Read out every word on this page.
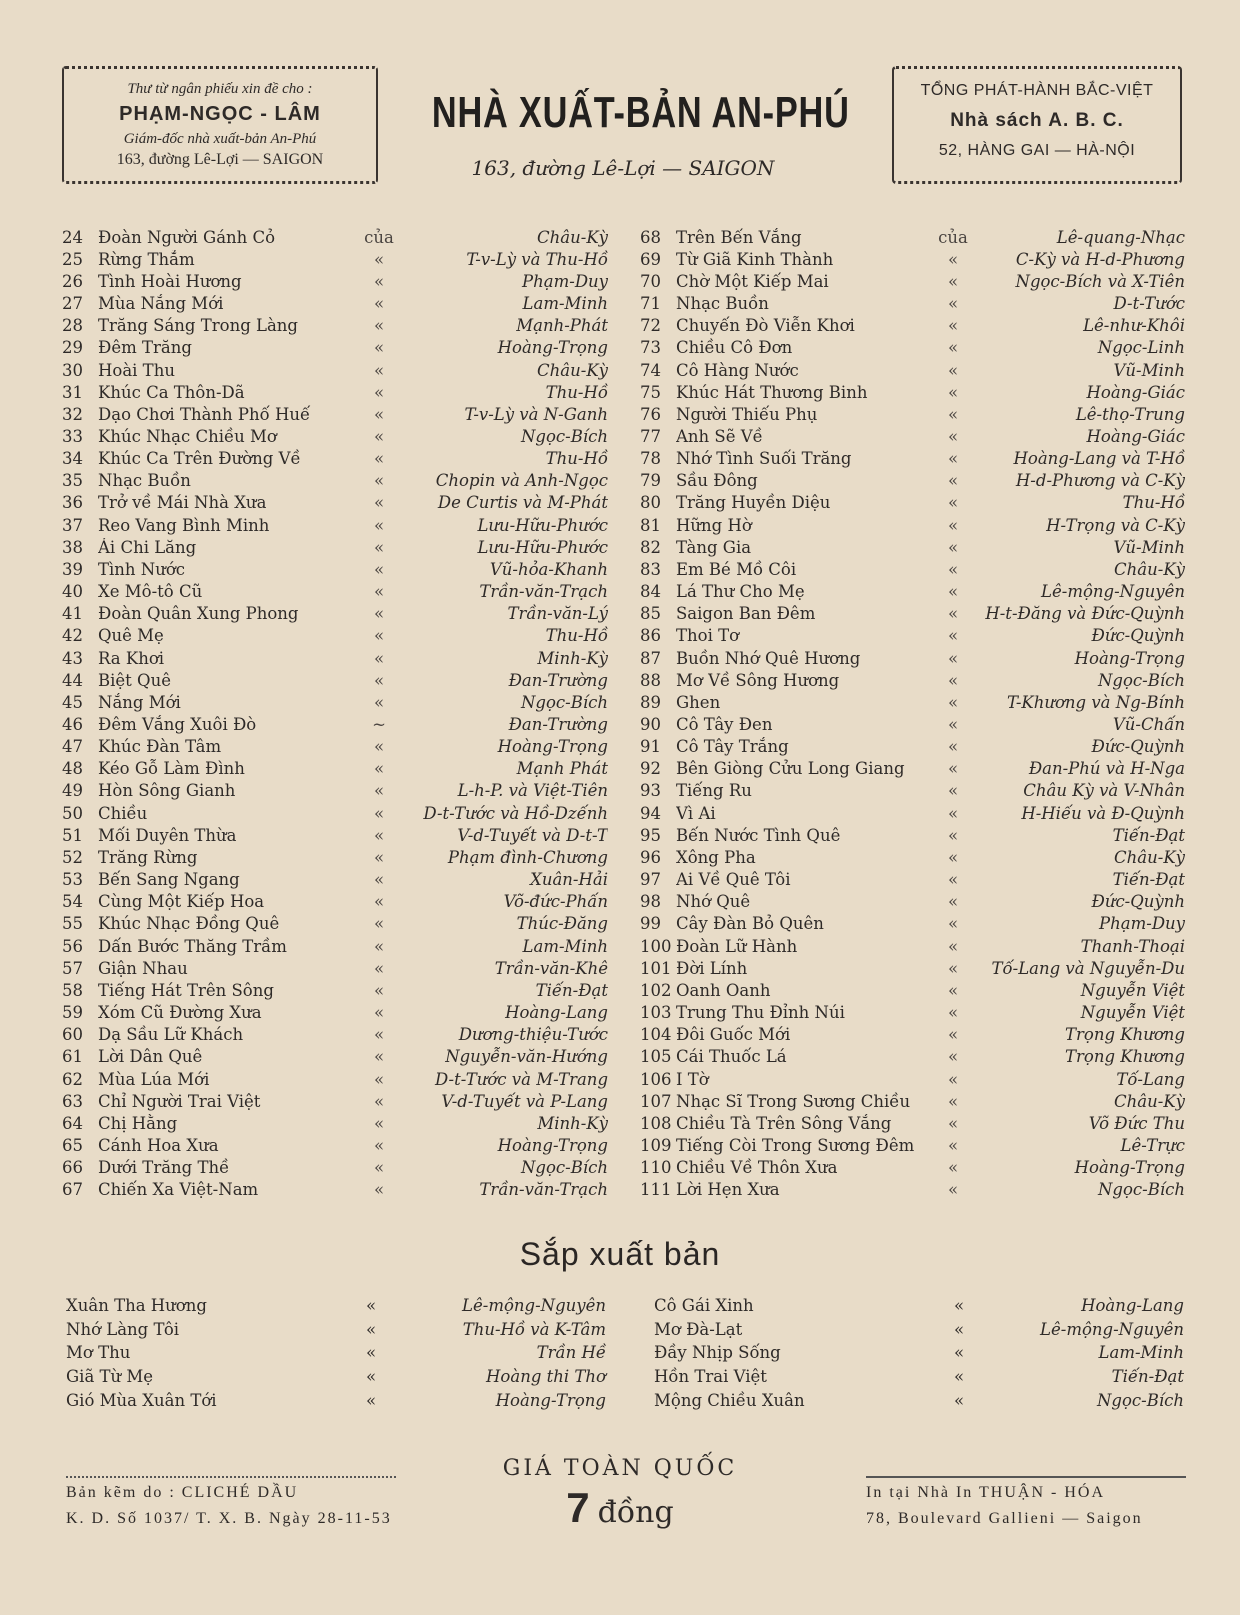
Thư từ ngân phiếu xin đề cho :
PHẠM-NGỌC - LÂM
Giám-đốc nhà xuất-bản An-Phú
163, đường Lê-Lợi — SAIGON
NHÀ XUẤT-BẢN AN-PHÚ
163, đường Lê-Lợi — SAIGON
TỔNG PHÁT-HÀNH BẮC-VIỆT
Nhà sách A. B. C.
52, HÀNG GAI — HÀ-NỘI
24 Đoàn Người Gánh Cỏ	của	Châu-Kỳ
25 Rừng Thẳm	«	T-v-Lỳ và Thu-Hồ
26 Tình Hoài Hương	«	Phạm-Duy
27 Mùa Nắng Mới	«	Lam-Minh
28 Trăng Sáng Trong Làng	«	Mạnh-Phát
29 Đêm Trăng	«	Hoàng-Trọng
30 Hoài Thu	«	Châu-Kỳ
31 Khúc Ca Thôn-Dã	«	Thu-Hồ
32 Dạo Chơi Thành Phố Huế	«	T-v-Lỳ và N-Ganh
33 Khúc Nhạc Chiều Mơ	«	Ngọc-Bích
34 Khúc Ca Trên Đường Về	«	Thu-Hồ
35 Nhạc Buồn	«	Chopin và Anh-Ngọc
36 Trở về Mái Nhà Xưa	«	De Curtis và M-Phát
37 Reo Vang Bình Minh	«	Lưu-Hữu-Phước
38 Ải Chi Lăng	«	Lưu-Hữu-Phước
39 Tình Nước	«	Vũ-hỏa-Khanh
40 Xe Mô-tô Cũ	«	Trần-văn-Trạch
41 Đoàn Quân Xung Phong	«	Trần-văn-Lý
42 Quê Mẹ	«	Thu-Hồ
43 Ra Khơi	«	Minh-Kỳ
44 Biệt Quê	«	Đan-Trường
45 Nắng Mới	«	Ngọc-Bích
46 Đêm Vắng Xuôi Đò	~	Đan-Trường
47 Khúc Đàn Tâm	«	Hoàng-Trọng
48 Kéo Gỗ Làm Đình	«	Mạnh Phát
49 Hòn Sông Gianh	«	L-h-P. và Việt-Tiên
50 Chiều	«	D-t-Tước và Hồ-Dzếnh
51 Mối Duyên Thừa	«	V-d-Tuyết và D-t-T
52 Trăng Rừng	«	Phạm đình-Chương
53 Bến Sang Ngang	«	Xuân-Hải
54 Cùng Một Kiếp Hoa	«	Võ-đức-Phấn
55 Khúc Nhạc Đồng Quê	«	Thúc-Đăng
56 Dấn Bước Thăng Trầm	«	Lam-Minh
57 Giận Nhau	«	Trần-văn-Khê
58 Tiếng Hát Trên Sông	«	Tiến-Đạt
59 Xóm Cũ Đường Xưa	«	Hoàng-Lang
60 Dạ Sầu Lữ Khách	«	Dương-thiệu-Tước
61 Lời Dân Quê	«	Nguyễn-văn-Hướng
62 Mùa Lúa Mới	«	D-t-Tước và M-Trang
63 Chỉ Người Trai Việt	«	V-d-Tuyết và P-Lang
64 Chị Hằng	«	Minh-Kỳ
65 Cánh Hoa Xưa	«	Hoàng-Trọng
66 Dưới Trăng Thề	«	Ngọc-Bích
67 Chiến Xa Việt-Nam	«	Trần-văn-Trạch
68 Trên Bến Vắng	của	Lê-quang-Nhạc
69 Từ Giã Kinh Thành	«	C-Kỳ và H-d-Phương
70 Chờ Một Kiếp Mai	«	Ngọc-Bích và X-Tiên
71 Nhạc Buồn	«	D-t-Tước
72 Chuyến Đò Viễn Khơi	«	Lê-như-Khôi
73 Chiều Cô Đơn	«	Ngọc-Linh
74 Cô Hàng Nước	«	Vũ-Minh
75 Khúc Hát Thương Binh	«	Hoàng-Giác
76 Người Thiếu Phụ	«	Lê-thọ-Trung
77 Anh Sẽ Về	«	Hoàng-Giác
78 Nhớ Tình Suối Trăng	«	Hoàng-Lang và T-Hồ
79 Sầu Đông	«	H-d-Phương và C-Kỳ
80 Trăng Huyền Diệu	«	Thu-Hồ
81 Hững Hờ	«	H-Trọng và C-Kỳ
82 Tàng Gia	«	Vũ-Minh
83 Em Bé Mồ Côi	«	Châu-Kỳ
84 Lá Thư Cho Mẹ	«	Lê-mộng-Nguyên
85 Saigon Ban Đêm	«	H-t-Đăng và Đức-Quỳnh
86 Thoi Tơ	«	Đức-Quỳnh
87 Buồn Nhớ Quê Hương	«	Hoàng-Trọng
88 Mơ Về Sông Hương	«	Ngọc-Bích
89 Ghen	«	T-Khương và Ng-Bính
90 Cô Tây Đen	«	Vũ-Chấn
91 Cô Tây Trắng	«	Đức-Quỳnh
92 Bên Giòng Cửu Long Giang	«	Đan-Phú và H-Nga
93 Tiếng Ru	«	Châu Kỳ và V-Nhân
94 Vì Ai	«	H-Hiếu và Đ-Quỳnh
95 Bến Nước Tình Quê	«	Tiến-Đạt
96 Xông Pha	«	Châu-Kỳ
97 Ai Về Quê Tôi	«	Tiến-Đạt
98 Nhớ Quê	«	Đức-Quỳnh
99 Cây Đàn Bỏ Quên	«	Phạm-Duy
100 Đoàn Lữ Hành	«	Thanh-Thoại
101 Đời Lính	«	Tố-Lang và Nguyễn-Du
102 Oanh Oanh	«	Nguyễn Việt
103 Trung Thu Đỉnh Núi	«	Nguyễn Việt
104 Đôi Guốc Mới	«	Trọng Khương
105 Cái Thuốc Lá	«	Trọng Khương
106 I Tờ	«	Tố-Lang
107 Nhạc Sĩ Trong Sương Chiều	«	Châu-Kỳ
108 Chiều Tà Trên Sông Vắng	«	Võ Đức Thu
109 Tiếng Còi Trong Sương Đêm	«	Lê-Trực
110 Chiều Về Thôn Xưa	«	Hoàng-Trọng
111 Lời Hẹn Xưa	«	Ngọc-Bích
Sắp xuất bản
Xuân Tha Hương	«	Lê-mộng-Nguyên
Nhớ Làng Tôi	«	Thu-Hồ và K-Tâm
Mơ Thu	«	Trần Hề
Giã Từ Mẹ	«	Hoàng thi Thơ
Gió Mùa Xuân Tới	«	Hoàng-Trọng
Cô Gái Xinh	«	Hoàng-Lang
Mơ Đà-Lạt	«	Lê-mộng-Nguyên
Đầy Nhịp Sống	«	Lam-Minh
Hồn Trai Việt	«	Tiến-Đạt
Mộng Chiều Xuân	«	Ngọc-Bích
Bản kẽm do : CLICHÉ DẦU
K. D. Số 1037/ T. X. B. Ngày 28-11-53
GIÁ TOÀN QUỐC
7 đồng
In tại Nhà In THUẬN - HÓA
78, Boulevard Gallieni — Saigon
